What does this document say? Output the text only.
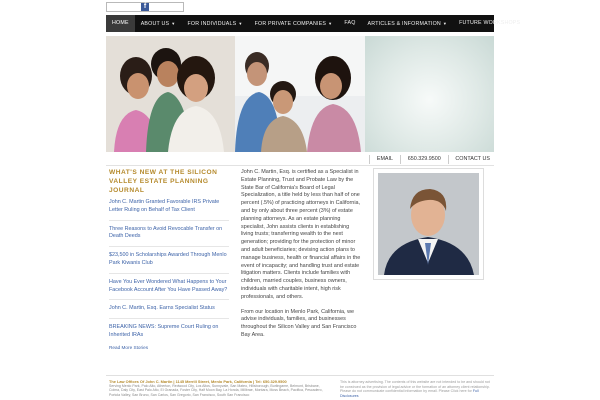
f
HOME	ABOUT US ▼	FOR INDIVIDUALS ▼	FOR PRIVATE COMPANIES ▼	FAQ	ARTICLES & INFORMATION ▼	FUTURE WORKSHOPS
EMAIL	650.329.9500	CONTACT US
WHAT'S NEW AT THE SILICON VALLEY ESTATE PLANNING JOURNAL
John C. Martin Granted Favorable IRS Private Letter Ruling on Behalf of Tax Client
Three Reasons to Avoid Revocable Transfer on Death Deeds
$23,500 in Scholarships Awarded Through Menlo Park Kiwanis Club
Have You Ever Wondered What Happens to Your Facebook Account After You Have Passed Away?
John C. Martin, Esq. Earns Specialist Status
BREAKING NEWS: Supreme Court Ruling on Inherited IRAs
Read More Stories

John C. Martin, Esq. is certified as a Specialist in Estate Planning, Trust and Probate Law by the State Bar of California's Board of Legal Specialization, a title held by less than half of one percent (.5%) of practicing attorneys in California, and by only about three percent (3%) of estate planning attorneys. As an estate planning specialist, John assists clients in establishing living trusts; transferring wealth to the next generation; providing for the protection of minor and adult beneficiaries; devising action plans to manage business, health or financial affairs in the event of incapacity; and handling trust and estate litigation matters. Clients include families with children, married couples, business owners, individuals with charitable intent, high risk professionals, and others.

From our location in Menlo Park, California, we advise individuals, families, and businesses throughout the Silicon Valley and San Francisco Bay Area.

The Law Offices Of John C. Martin | 1145 Merrill Street, Menlo Park, California | Tel: 650.329.9500
Serving Menlo Park, Palo Alto, Atherton, Redwood City, Los Altos, Sunnyvale, San Mateo, Hillsborough, Burlingame, Belmont, Brisbane, Colma, Daly City, East Palo Alto, El Granada, Foster City, Half Moon Bay, La Honda, Millbrae, Montara, Moss Beach, Pacifica, Pescadero, Portola Valley, San Bruno, San Carlos, San Gregorio, San Francisco, South San Francisco
This is attorney advertising. The contents of this website are not intended to be and should not be construed as the provision of legal advice or the formation of an attorney client relationship. Please do not communicate confidential information by email. Please Click here for Full Disclosures
